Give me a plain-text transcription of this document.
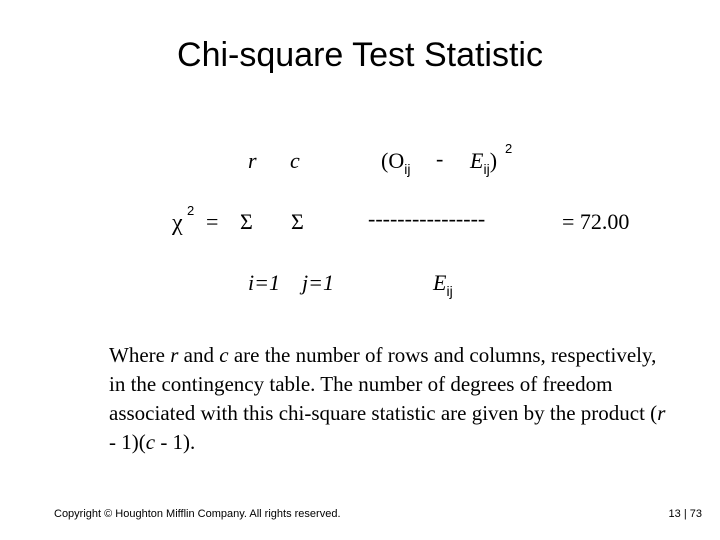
Chi-square Test Statistic
r c	$(O_{ij} - E_{ij})$ 2
χ 2 = Σ Σ	----------------	= 72.00
i=1 j=1	$E_{ij}$
Where r and c are the number of rows and columns, respectively, in the contingency table. The number of degrees of freedom associated with this chi‑square statistic are given by the product (r - 1)(c - 1).
Copyright © Houghton Mifflin Company. All rights reserved.	13 | 73
